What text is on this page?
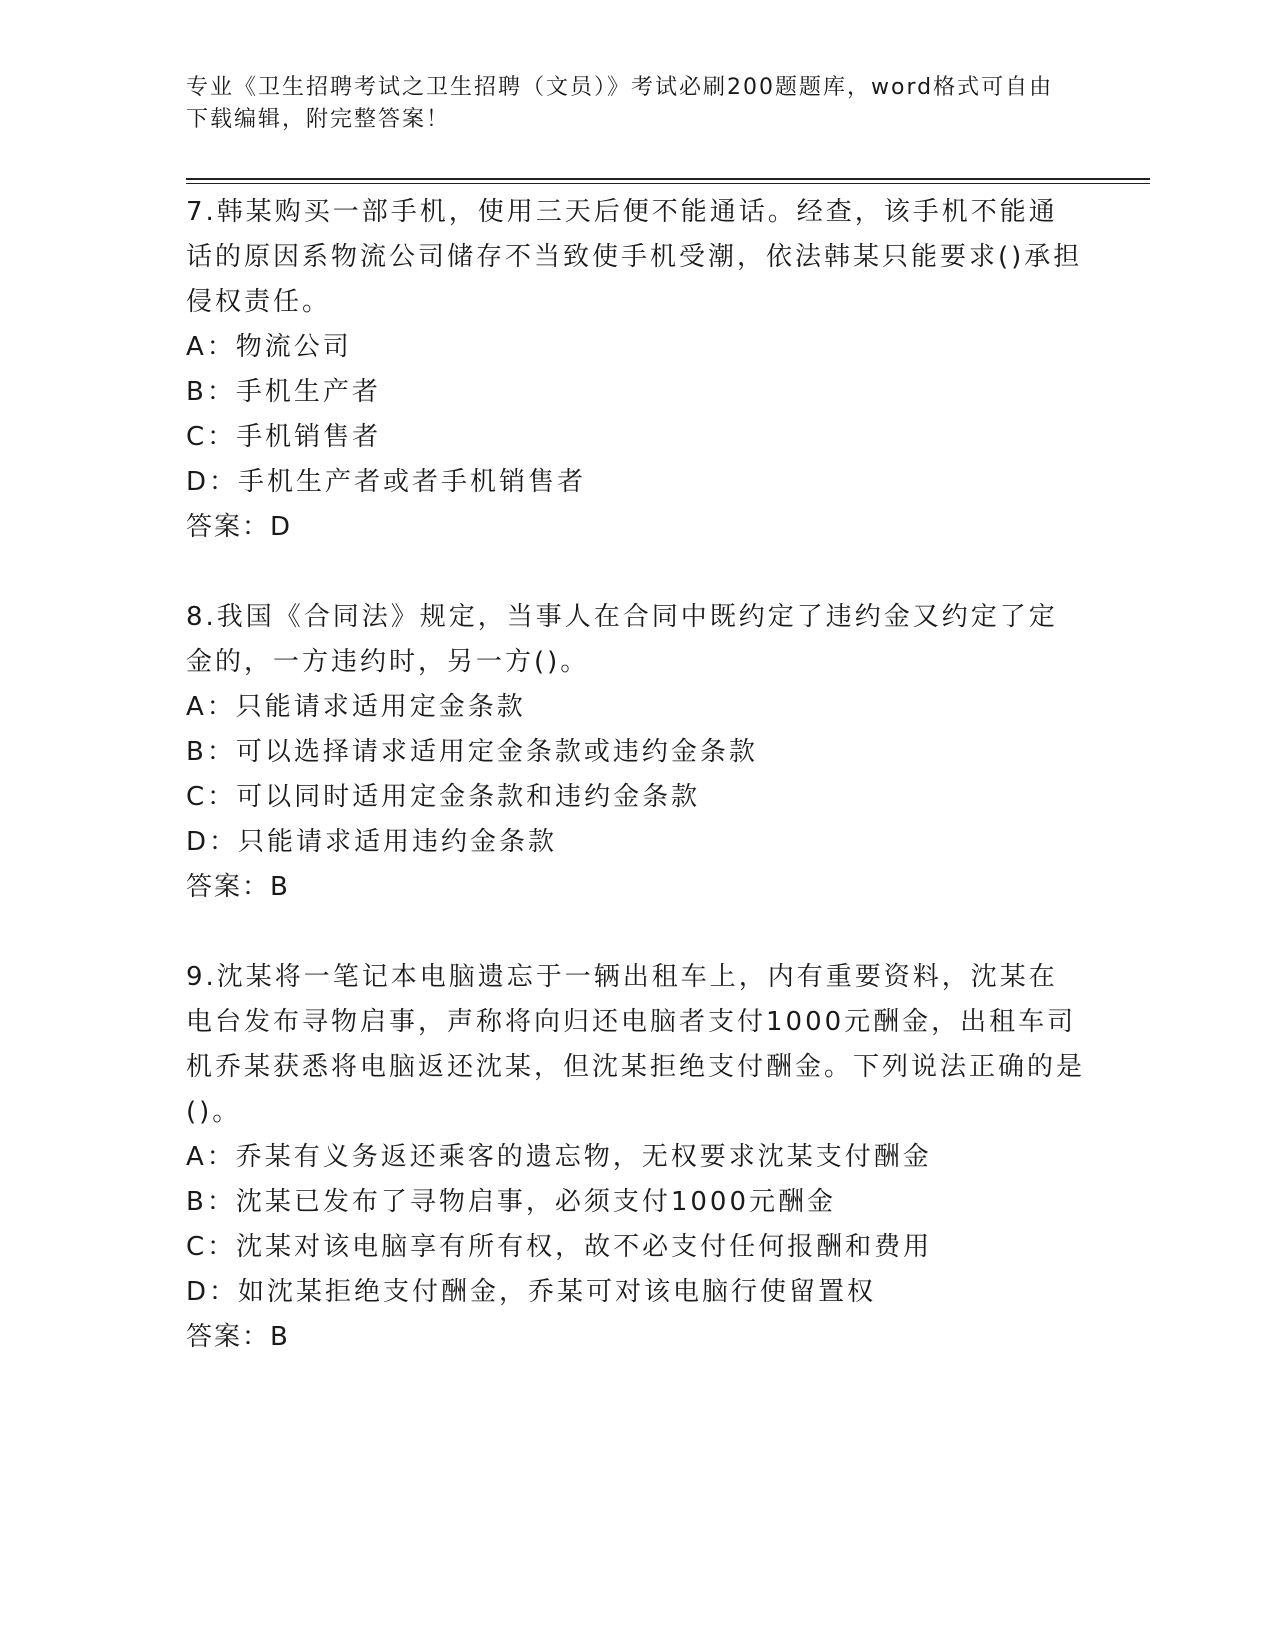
专业《卫生招聘考试之卫生招聘（文员）》考试必刷200题题库，word格式可自由下载编辑，附完整答案！

7.韩某购买一部手机，使用三天后便不能通话。经查，该手机不能通话的原因系物流公司储存不当致使手机受潮，依法韩某只能要求()承担侵权责任。

A：物流公司

B：手机生产者

C：手机销售者

D：手机生产者或者手机销售者

答案：D

8.我国《合同法》规定，当事人在合同中既约定了违约金又约定了定金的，一方违约时，另一方()。

A：只能请求适用定金条款

B：可以选择请求适用定金条款或违约金条款

C：可以同时适用定金条款和违约金条款

D：只能请求适用违约金条款

答案：B

9.沈某将一笔记本电脑遗忘于一辆出租车上，内有重要资料，沈某在电台发布寻物启事，声称将向归还电脑者支付1000元酬金，出租车司机乔某获悉将电脑返还沈某，但沈某拒绝支付酬金。下列说法正确的是()。

A：乔某有义务返还乘客的遗忘物，无权要求沈某支付酬金

B：沈某已发布了寻物启事，必须支付1000元酬金

C：沈某对该电脑享有所有权，故不必支付任何报酬和费用

D：如沈某拒绝支付酬金，乔某可对该电脑行使留置权

答案：B
